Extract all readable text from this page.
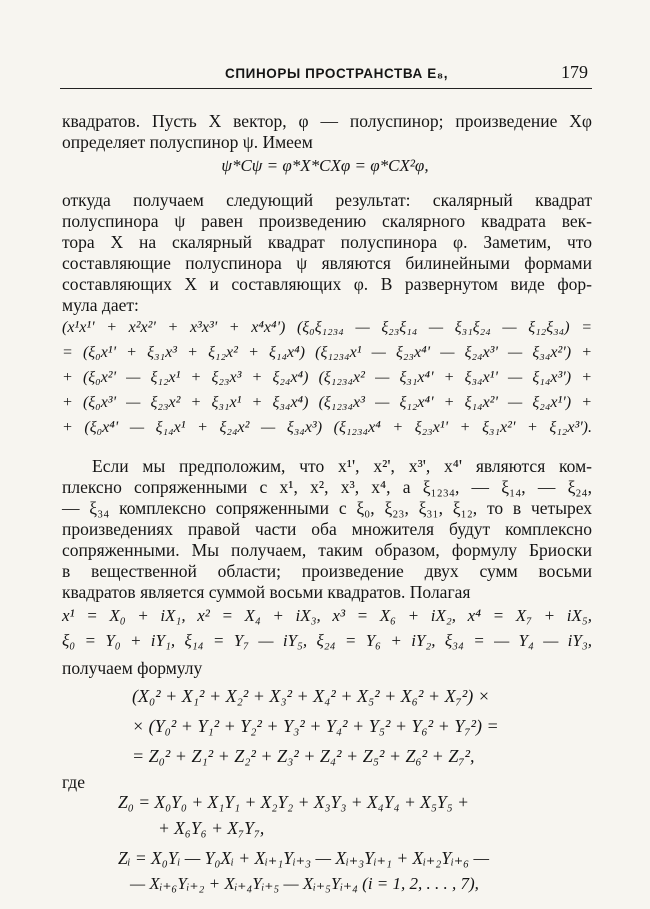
СПИНОРЫ ПРОСТРАНСТВА E₈,	179
квадратов. Пусть X вектор, φ — полуспинор; произведение Xφ
определяет полуспинор ψ. Имеем
ψ*Cψ = φ*X*CXφ = φ*CX²φ,
откуда получаем следующий результат: скалярный квадрат
полуспинора ψ равен произведению скалярного квадрата век-
тора X на скалярный квадрат полуспинора φ. Заметим, что
составляющие полуспинора ψ являются билинейными формами
составляющих X и составляющих φ. В развернутом виде фор-
мула дает:
(x¹x¹' + x²x²' + x³x³' + x⁴x⁴') (ξ₀ξ₁₂₃₄ — ξ₂₃ξ₁₄ — ξ₃₁ξ₂₄ — ξ₁₂ξ₃₄) =
= (ξ₀x¹' + ξ₃₁x³ + ξ₁₂x² + ξ₁₄x⁴) (ξ₁₂₃₄x¹ — ξ₂₃x⁴' — ξ₂₄x³' — ξ₃₄x²') +
+ (ξ₀x²' — ξ₁₂x¹ + ξ₂₃x³ + ξ₂₄x⁴) (ξ₁₂₃₄x² — ξ₃₁x⁴' + ξ₃₄x¹' — ξ₁₄x³') +
+ (ξ₀x³' — ξ₂₃x² + ξ₃₁x¹ + ξ₃₄x⁴) (ξ₁₂₃₄x³ — ξ₁₂x⁴' + ξ₁₄x²' — ξ₂₄x¹') +
+ (ξ₀x⁴' — ξ₁₄x¹ + ξ₂₄x² — ξ₃₄x³) (ξ₁₂₃₄x⁴ + ξ₂₃x¹' + ξ₃₁x²' + ξ₁₂x³').
Если мы предположим, что x¹', x²', x³', x⁴' являются ком-
плексно сопряженными с x¹, x², x³, x⁴, а ξ₁₂₃₄, — ξ₁₄, — ξ₂₄,
— ξ₃₄ комплексно сопряженными с ξ₀, ξ₂₃, ξ₃₁, ξ₁₂, то в четырех
произведениях правой части оба множителя будут комплексно
сопряженными. Мы получаем, таким образом, формулу Бриоски
в вещественной области; произведение двух сумм восьми
квадратов является суммой восьми квадратов. Полагая
x¹ = X₀ + iX₁, x² = X₄ + iX₃, x³ = X₆ + iX₂, x⁴ = X₇ + iX₅,
ξ₀ = Y₀ + iY₁, ξ₁₄ = Y₇ — iY₅, ξ₂₄ = Y₆ + iY₂, ξ₃₄ = — Y₄ — iY₃,
получаем формулу
(X₀² + X₁² + X₂² + X₃² + X₄² + X₅² + X₆² + X₇²) ×
× (Y₀² + Y₁² + Y₂² + Y₃² + Y₄² + Y₅² + Y₆² + Y₇²) =
= Z₀² + Z₁² + Z₂² + Z₃² + Z₄² + Z₅² + Z₆² + Z₇²,
где
Z₀ = X₀Y₀ + X₁Y₁ + X₂Y₂ + X₃Y₃ + X₄Y₄ + X₅Y₅ +
+ X₆Y₆ + X₇Y₇,
Zᵢ = X₀Yᵢ — Y₀Xᵢ + Xᵢ₊₁Yᵢ₊₃ — Xᵢ₊₃Yᵢ₊₁ + Xᵢ₊₂Yᵢ₊₆ —
— Xᵢ₊₆Yᵢ₊₂ + Xᵢ₊₄Yᵢ₊₅ — Xᵢ₊₅Yᵢ₊₄ (i = 1, 2, . . . , 7),
